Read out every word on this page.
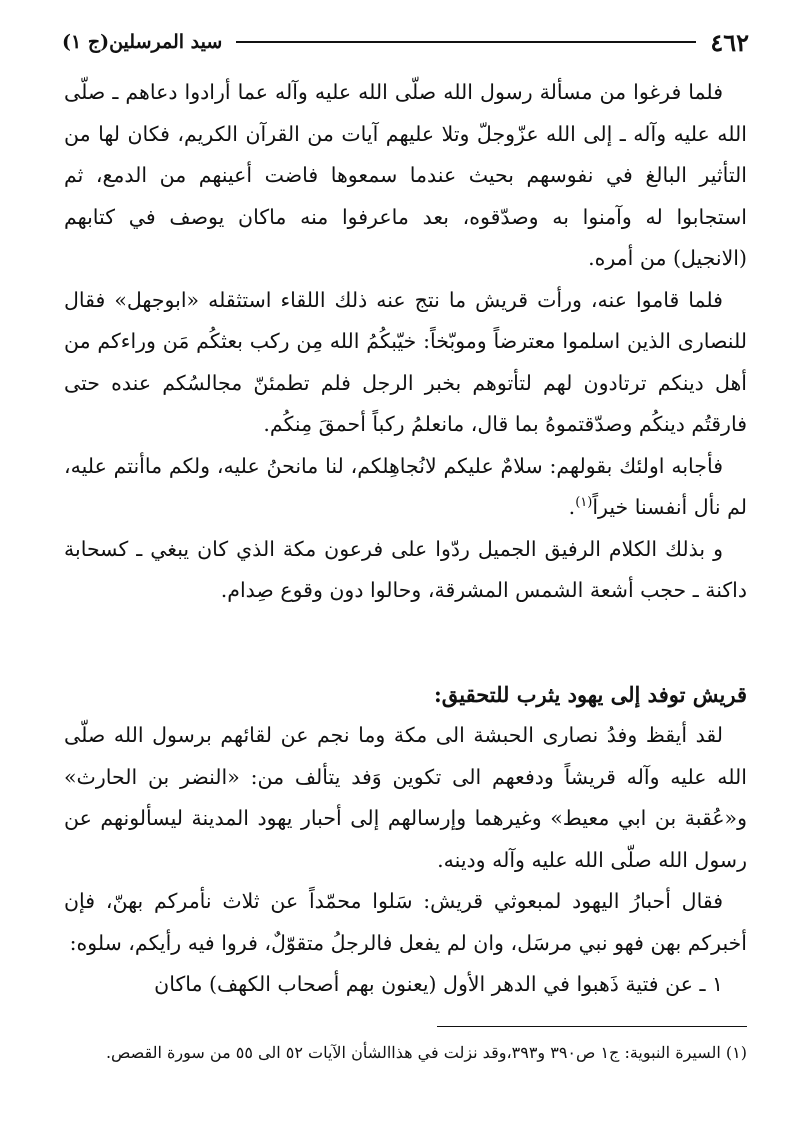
٤٦٢
سيد المرسلين(ج ١)

فلما فرغوا من مسألة رسول الله صلّى الله عليه وآله عما أرادوا دعاهم ـ صلّى الله عليه وآله ـ إلى الله عزّوجلّ وتلا عليهم آيات من القرآن الكريم، فكان لها من التأثير البالغ في نفوسهم بحيث عندما سمعوها فاضت أعينهم من الدمع، ثم استجابوا له وآمنوا به وصدّقوه، بعد ماعرفوا منه ماكان يوصف في كتابهم (الانجيل) من أمره.

فلما قاموا عنه، ورأت قريش ما نتج عنه ذلك اللقاء استثقله «ابوجهل» فقال للنصارى الذين اسلموا معترضاً وموبّخاً: خيّبكُمُ الله مِن ركب بعثكُم مَن وراءكم من أهل دينكم ترتادون لهم لتأتوهم بخبر الرجل فلم تطمئنّ مجالسُكم عنده حتى فارقتُم دينكُم وصدّقتموهُ بما قال، مانعلمُ ركباً أحمقَ مِنكُم.

فأجابه اولئك بقولهم: سلامٌ عليكم لانُجاهِلكم، لنا مانحنُ عليه، ولكم ماأنتم عليه، لم نأل أنفسنا خيراً$^{(١)}$.

و بذلك الكلام الرفيق الجميل ردّوا على فرعون مكة الذي كان يبغي ـ كسحابة داكنة ـ حجب أشعة الشمس المشرقة، وحالوا دون وقوع صِدام.

قريش توفد إلى يهود يثرب للتحقيق:

لقد أيقظ وفدُ نصارى الحبشة الى مكة وما نجم عن لقائهم برسول الله صلّى الله عليه وآله قريشاً ودفعهم الى تكوين وَفد يتألف من: «النضر بن الحارث» و«عُقبة بن ابي معيط» وغيرهما وإرسالهم إلى أحبار يهود المدينة ليسألونهم عن رسول الله صلّى الله عليه وآله ودينه.

فقال أحبارُ اليهود لمبعوثي قريش: سَلوا محمّداً عن ثلاث نأمركم بهنّ، فإن أخبركم بهن فهو نبي مرسَل، وان لم يفعل فالرجلُ متقوّلٌ، فروا فيه رأيكم، سلوه:

١ ـ عن فتية ذَهبوا في الدهر الأول (يعنون بهم أصحاب الكهف) ماكان

(١) السيرة النبوية: ج١ ص٣٩٠ و٣٩٣،وقد نزلت في هذاالشأن الآيات ٥٢ الى ٥٥ من سورة القصص.
